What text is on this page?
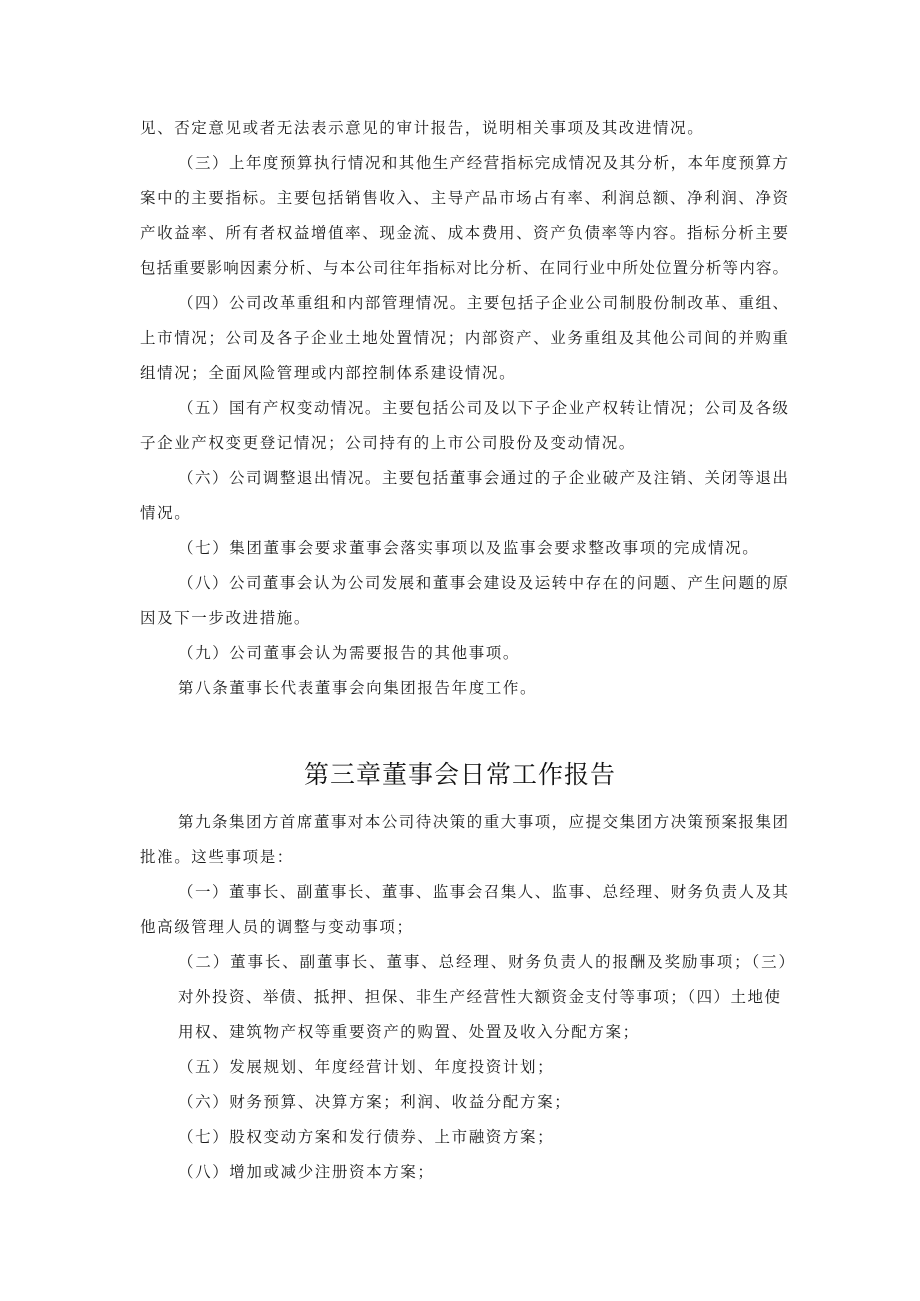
见、否定意见或者无法表示意见的审计报告，说明相关事项及其改进情况。
（三）上年度预算执行情况和其他生产经营指标完成情况及其分析，本年度预算方
案中的主要指标。主要包括销售收入、主导产品市场占有率、利润总额、净利润、净资
产收益率、所有者权益增值率、现金流、成本费用、资产负债率等内容。指标分析主要
包括重要影响因素分析、与本公司往年指标对比分析、在同行业中所处位置分析等内容。
（四）公司改革重组和内部管理情况。主要包括子企业公司制股份制改革、重组、
上市情况；公司及各子企业土地处置情况；内部资产、业务重组及其他公司间的并购重
组情况；全面风险管理或内部控制体系建设情况。
（五）国有产权变动情况。主要包括公司及以下子企业产权转让情况；公司及各级
子企业产权变更登记情况；公司持有的上市公司股份及变动情况。
（六）公司调整退出情况。主要包括董事会通过的子企业破产及注销、关闭等退出
情况。
（七）集团董事会要求董事会落实事项以及监事会要求整改事项的完成情况。
（八）公司董事会认为公司发展和董事会建设及运转中存在的问题、产生问题的原
因及下一步改进措施。
（九）公司董事会认为需要报告的其他事项。
第八条董事长代表董事会向集团报告年度工作。
第三章董事会日常工作报告
第九条集团方首席董事对本公司待决策的重大事项，应提交集团方决策预案报集团
批准。这些事项是：
（一）董事长、副董事长、董事、监事会召集人、监事、总经理、财务负责人及其
他高级管理人员的调整与变动事项；
（二）董事长、副董事长、董事、总经理、财务负责人的报酬及奖励事项；（三）
对外投资、举债、抵押、担保、非生产经营性大额资金支付等事项；（四）土地使
用权、建筑物产权等重要资产的购置、处置及收入分配方案；
（五）发展规划、年度经营计划、年度投资计划；
（六）财务预算、决算方案；利润、收益分配方案；
（七）股权变动方案和发行债券、上市融资方案；
（八）增加或减少注册资本方案；
